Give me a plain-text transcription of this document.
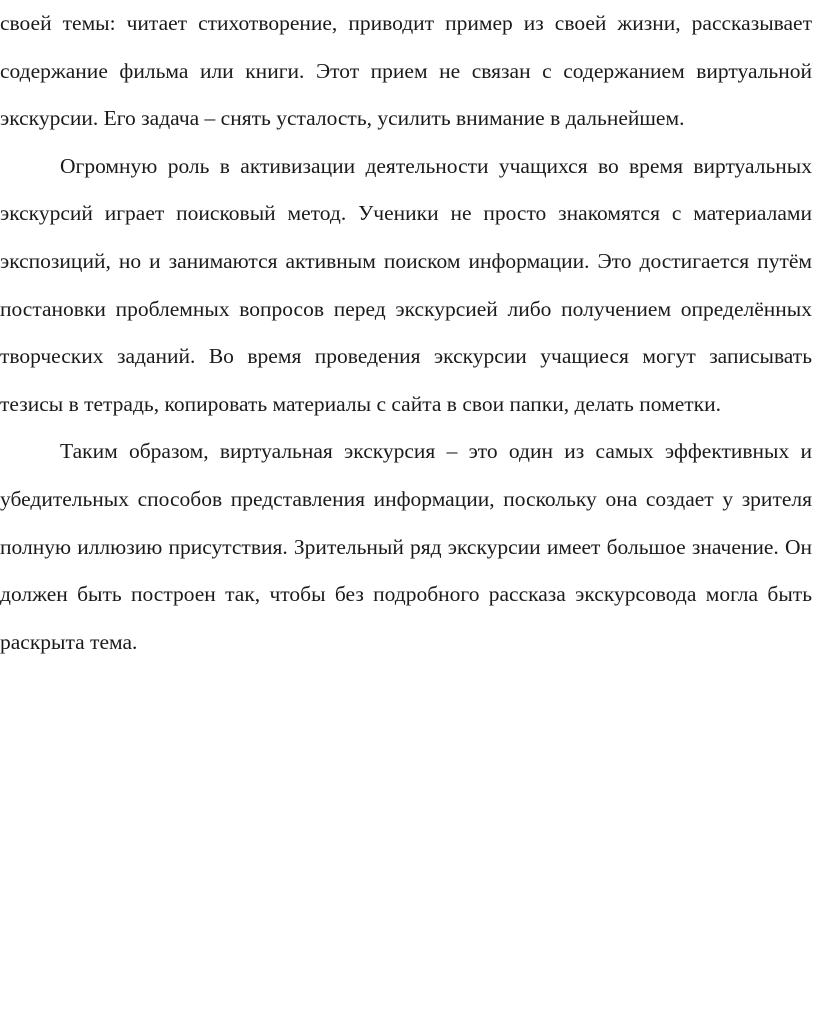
своей темы: читает стихотворение, приводит пример из своей жизни, рассказывает содержание фильма или книги. Этот прием не связан с содержанием виртуальной экскурсии. Его задача – снять усталость, усилить внимание в дальнейшем.

Огромную роль в активизации деятельности учащихся во время виртуальных экскурсий играет поисковый метод. Ученики не просто знакомятся с материалами экспозиций, но и занимаются активным поиском информации. Это достигается путём постановки проблемных вопросов перед экскурсией либо получением определённых творческих заданий. Во время проведения экскурсии учащиеся могут записывать тезисы в тетрадь, копировать материалы с сайта в свои папки, делать пометки.

Таким образом, виртуальная экскурсия – это один из самых эффективных и убедительных способов представления информации, поскольку она создает у зрителя полную иллюзию присутствия. Зрительный ряд экскурсии имеет большое значение. Он должен быть построен так, чтобы без подробного рассказа экскурсовода могла быть раскрыта тема.
